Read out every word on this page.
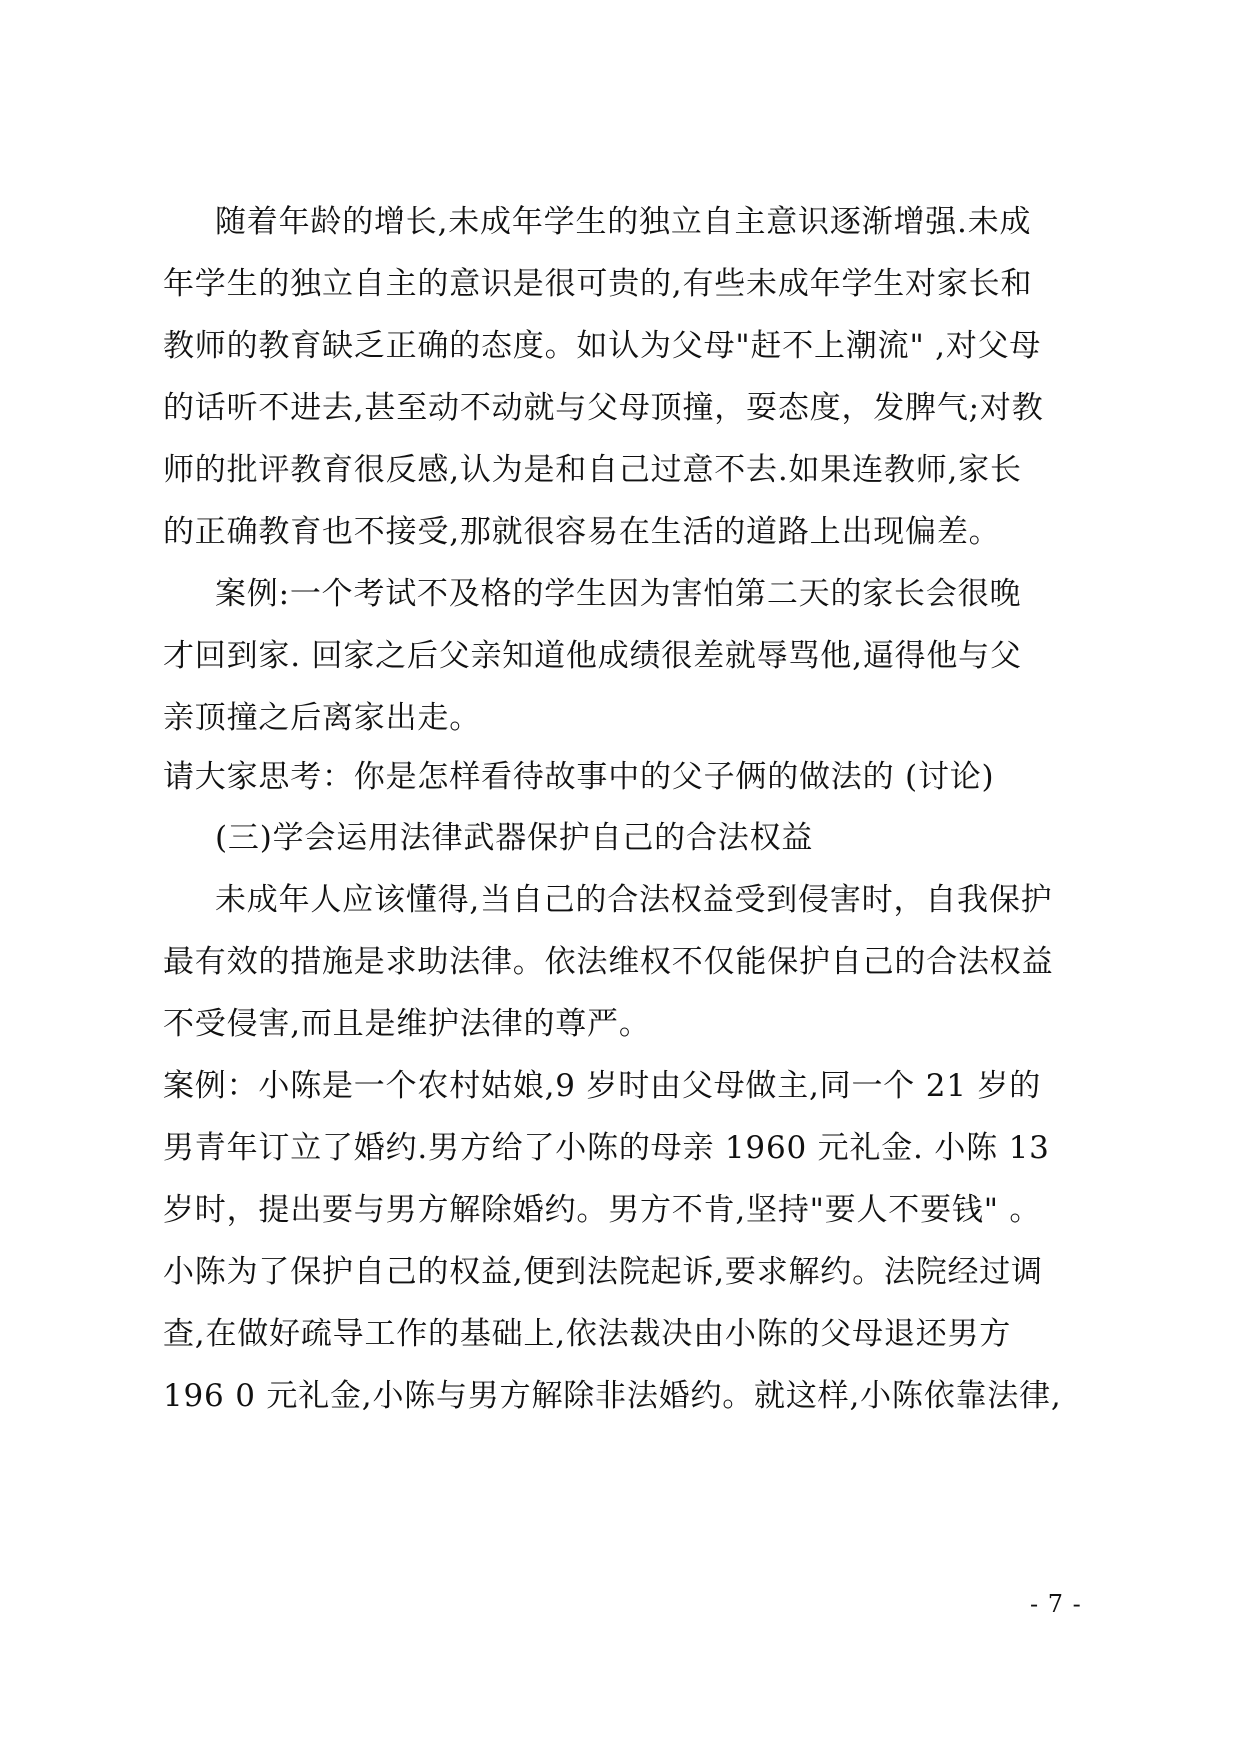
随着年龄的增长,未成年学生的独立自主意识逐渐增强.未成
年学生的独立自主的意识是很可贵的,有些未成年学生对家长和
教师的教育缺乏正确的态度。如认为父母"赶不上潮流" ,对父母
的话听不进去,甚至动不动就与父母顶撞，耍态度，发脾气;对教
师的批评教育很反感,认为是和自己过意不去.如果连教师,家长
的正确教育也不接受,那就很容易在生活的道路上出现偏差。
案例:一个考试不及格的学生因为害怕第二天的家长会很晚
才回到家. 回家之后父亲知道他成绩很差就辱骂他,逼得他与父
亲顶撞之后离家出走。
请大家思考：你是怎样看待故事中的父子俩的做法的 (讨论)
(三)学会运用法律武器保护自己的合法权益
未成年人应该懂得,当自己的合法权益受到侵害时，自我保护
最有效的措施是求助法律。依法维权不仅能保护自己的合法权益
不受侵害,而且是维护法律的尊严。
案例：小陈是一个农村姑娘,9 岁时由父母做主,同一个 21 岁的
男青年订立了婚约.男方给了小陈的母亲 1960 元礼金. 小陈 13
岁时，提出要与男方解除婚约。男方不肯,坚持"要人不要钱" 。
小陈为了保护自己的权益,便到法院起诉,要求解约。法院经过调
查,在做好疏导工作的基础上,依法裁决由小陈的父母退还男方
196 0 元礼金,小陈与男方解除非法婚约。就这样,小陈依靠法律,
- 7 -
